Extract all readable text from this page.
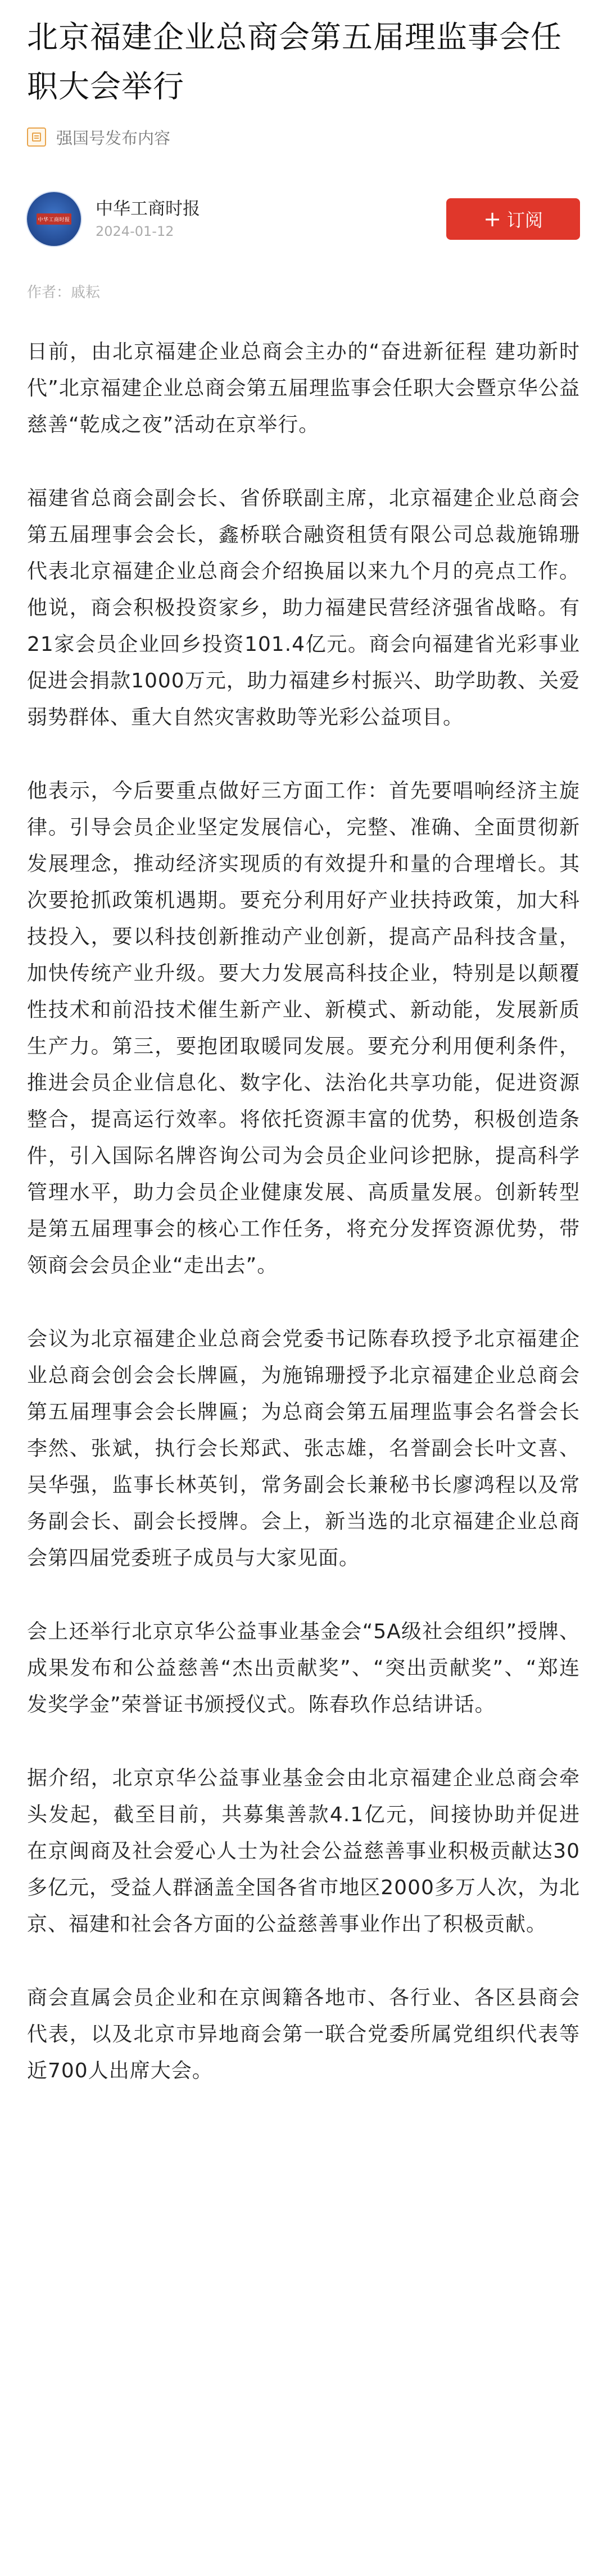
北京福建企业总商会第五届理监事会任职大会举行
强国号发布内容
中华工商时报
中华工商时报
2024-01-12	+ 订阅
作者：戚耘

日前，由北京福建企业总商会主办的“奋进新征程 建功新时代”北京福建企业总商会第五届理监事会任职大会暨京华公益慈善“乾成之夜”活动在京举行。

福建省总商会副会长、省侨联副主席，北京福建企业总商会第五届理事会会长，鑫桥联合融资租赁有限公司总裁施锦珊代表北京福建企业总商会介绍换届以来九个月的亮点工作。他说，商会积极投资家乡，助力福建民营经济强省战略。有21家会员企业回乡投资101.4亿元。商会向福建省光彩事业促进会捐款1000万元，助力福建乡村振兴、助学助教、关爱弱势群体、重大自然灾害救助等光彩公益项目。

他表示，今后要重点做好三方面工作：首先要唱响经济主旋律。引导会员企业坚定发展信心，完整、准确、全面贯彻新发展理念，推动经济实现质的有效提升和量的合理增长。其次要抢抓政策机遇期。要充分利用好产业扶持政策，加大科技投入，要以科技创新推动产业创新，提高产品科技含量，加快传统产业升级。要大力发展高科技企业，特别是以颠覆性技术和前沿技术催生新产业、新模式、新动能，发展新质生产力。第三，要抱团取暖同发展。要充分利用便利条件，推进会员企业信息化、数字化、法治化共享功能，促进资源整合，提高运行效率。将依托资源丰富的优势，积极创造条件，引入国际名牌咨询公司为会员企业问诊把脉，提高科学管理水平，助力会员企业健康发展、高质量发展。创新转型是第五届理事会的核心工作任务，将充分发挥资源优势，带领商会会员企业“走出去”。

会议为北京福建企业总商会党委书记陈春玖授予北京福建企业总商会创会会长牌匾，为施锦珊授予北京福建企业总商会第五届理事会会长牌匾；为总商会第五届理监事会名誉会长李然、张斌，执行会长郑武、张志雄，名誉副会长叶文喜、吴华强，监事长林英钊，常务副会长兼秘书长廖鸿程以及常务副会长、副会长授牌。会上，新当选的北京福建企业总商会第四届党委班子成员与大家见面。

会上还举行北京京华公益事业基金会“5A级社会组织”授牌、成果发布和公益慈善“杰出贡献奖”、“突出贡献奖”、“郑连发奖学金”荣誉证书颁授仪式。陈春玖作总结讲话。

据介绍，北京京华公益事业基金会由北京福建企业总商会牵头发起，截至目前，共募集善款4.1亿元，间接协助并促进在京闽商及社会爱心人士为社会公益慈善事业积极贡献达30多亿元，受益人群涵盖全国各省市地区2000多万人次，为北京、福建和社会各方面的公益慈善事业作出了积极贡献。

商会直属会员企业和在京闽籍各地市、各行业、各区县商会代表，以及北京市异地商会第一联合党委所属党组织代表等近700人出席大会。
